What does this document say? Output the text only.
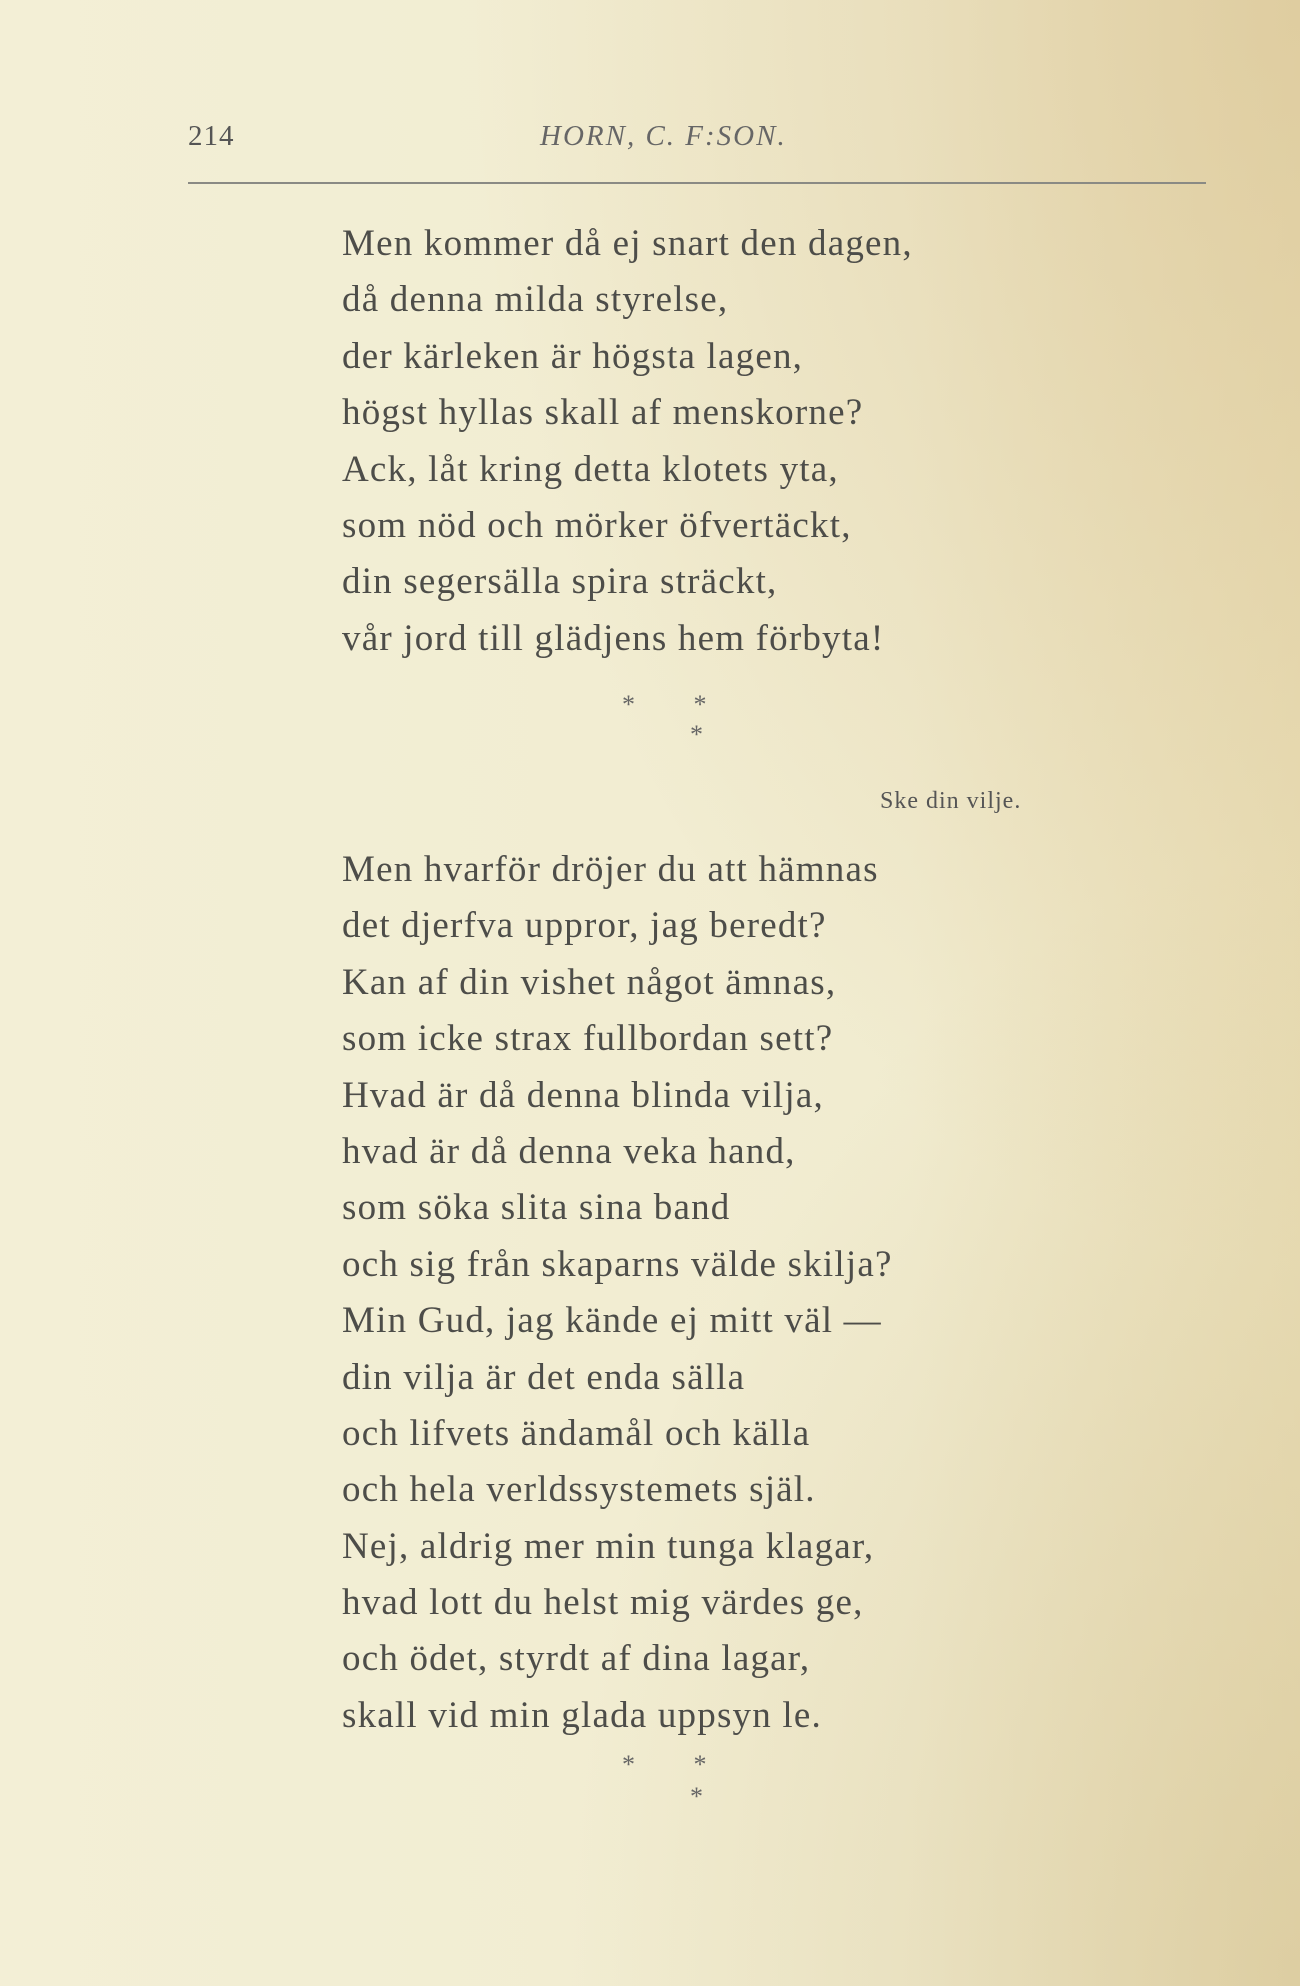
214	HORN, C. F:SON.
Men kommer då ej snart den dagen,
då denna milda styrelse,
der kärleken är högsta lagen,
högst hyllas skall af menskorne?
Ack, låt kring detta klotets yta,
som nöd och mörker öfvertäckt,
din segersälla spira sträckt,
vår jord till glädjens hem förbyta!
*         *
*
Ske din vilje.
Men hvarför dröjer du att hämnas
det djerfva uppror, jag beredt?
Kan af din vishet något ämnas,
som icke strax fullbordan sett?
Hvad är då denna blinda vilja,
hvad är då denna veka hand,
som söka slita sina band
och sig från skaparns välde skilja?
Min Gud, jag kände ej mitt väl —
din vilja är det enda sälla
och lifvets ändamål och källa
och hela verldssystemets själ.
Nej, aldrig mer min tunga klagar,
hvad lott du helst mig värdes ge,
och ödet, styrdt af dina lagar,
skall vid min glada uppsyn le.
*         *
*
